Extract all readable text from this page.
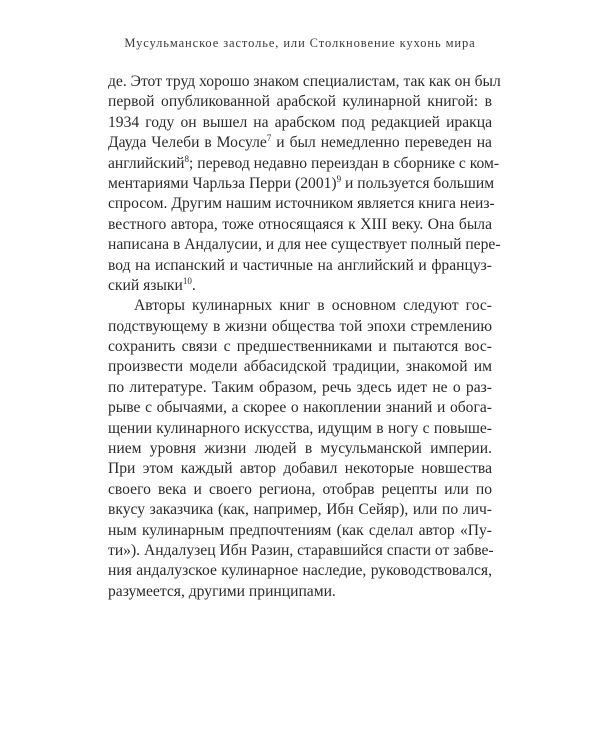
Мусульманское застолье, или Столкновение кухонь мира
де. Этот труд хорошо знаком специалистам, так как он был
первой опубликованной арабской кулинарной книгой: в
1934 году он вышел на арабском под редакцией иракца
Дауда Челеби в Мосуле$^7$ и был немедленно переведен на
английский$^8$; перевод недавно переиздан в сборнике с ком-
ментариями Чарльза Перри $(2001)^9$ и пользуется большим
спросом. Другим нашим источником является книга неиз-
вестного автора, тоже относящаяся к XIII веку. Она была
написана в Андалусии, и для нее существует полный пере-
вод на испанский и частичные на английский и француз-
ский языки$^{10}$.
Авторы кулинарных книг в основном следуют гос-
подствующему в жизни общества той эпохи стремлению
сохранить связи с предшественниками и пытаются вос-
произвести модели аббасидской традиции, знакомой им
по литературе. Таким образом, речь здесь идет не о раз-
рыве с обычаями, а скорее о накоплении знаний и обога-
щении кулинарного искусства, идущим в ногу с повыше-
нием уровня жизни людей в мусульманской империи.
При этом каждый автор добавил некоторые новшества
своего века и своего региона, отобрав рецепты или по
вкусу заказчика (как, например, Ибн Сейяр), или по лич-
ным кулинарным предпочтениям (как сделал автор «Пу-
ти»). Андалузец Ибн Разин, старавшийся спасти от забве-
ния андалузское кулинарное наследие, руководствовался,
разумеется, другими принципами.
